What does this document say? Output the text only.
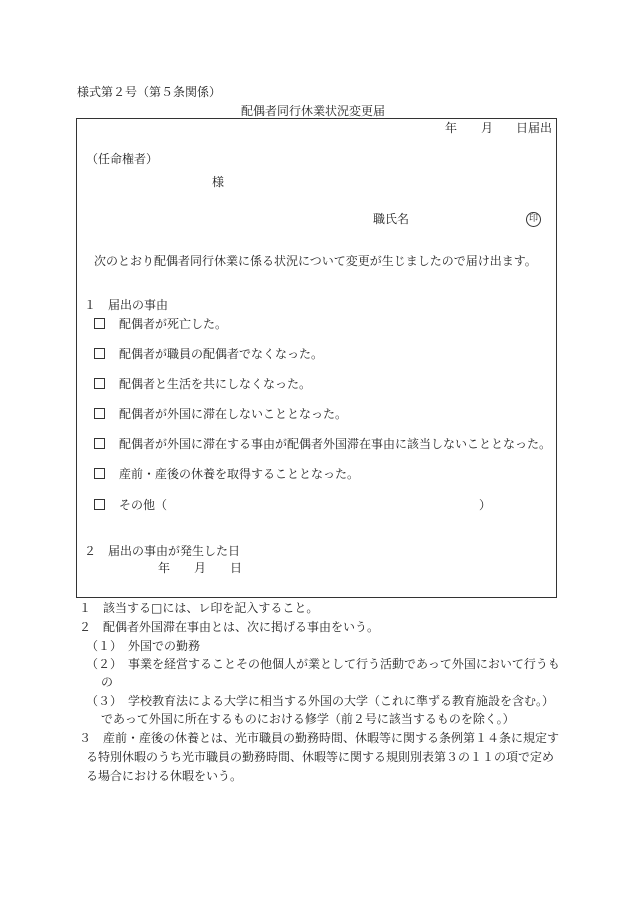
様式第２号（第５条関係）
配偶者同行休業状況変更届
年 月 日届出
（任命権者）
様
職氏名	印
次のとおり配偶者同行休業に係る状況について変更が生じましたので届け出ます。
１　届出の事由
配偶者が死亡した。
配偶者が職員の配偶者でなくなった。
配偶者と生活を共にしなくなった。
配偶者が外国に滞在しないこととなった。
配偶者が外国に滞在する事由が配偶者外国滞在事由に該当しないこととなった。
産前・産後の休養を取得することとなった。
その他（	）
２　届出の事由が発生した日
年 月 日
１　該当する□には、レ印を記入すること。
２　配偶者外国滞在事由とは、次に掲げる事由をいう。
（１）　外国での勤務
（２）　事業を経営することその他個人が業として行う活動であって外国において行うも
の
（３）　学校教育法による大学に相当する外国の大学（これに準ずる教育施設を含む。）
であって外国に所在するものにおける修学（前２号に該当するものを除く。）
３　産前・産後の休養とは、光市職員の勤務時間、休暇等に関する条例第１４条に規定す
る特別休暇のうち光市職員の勤務時間、休暇等に関する規則別表第３の１１の項で定め
る場合における休暇をいう。
